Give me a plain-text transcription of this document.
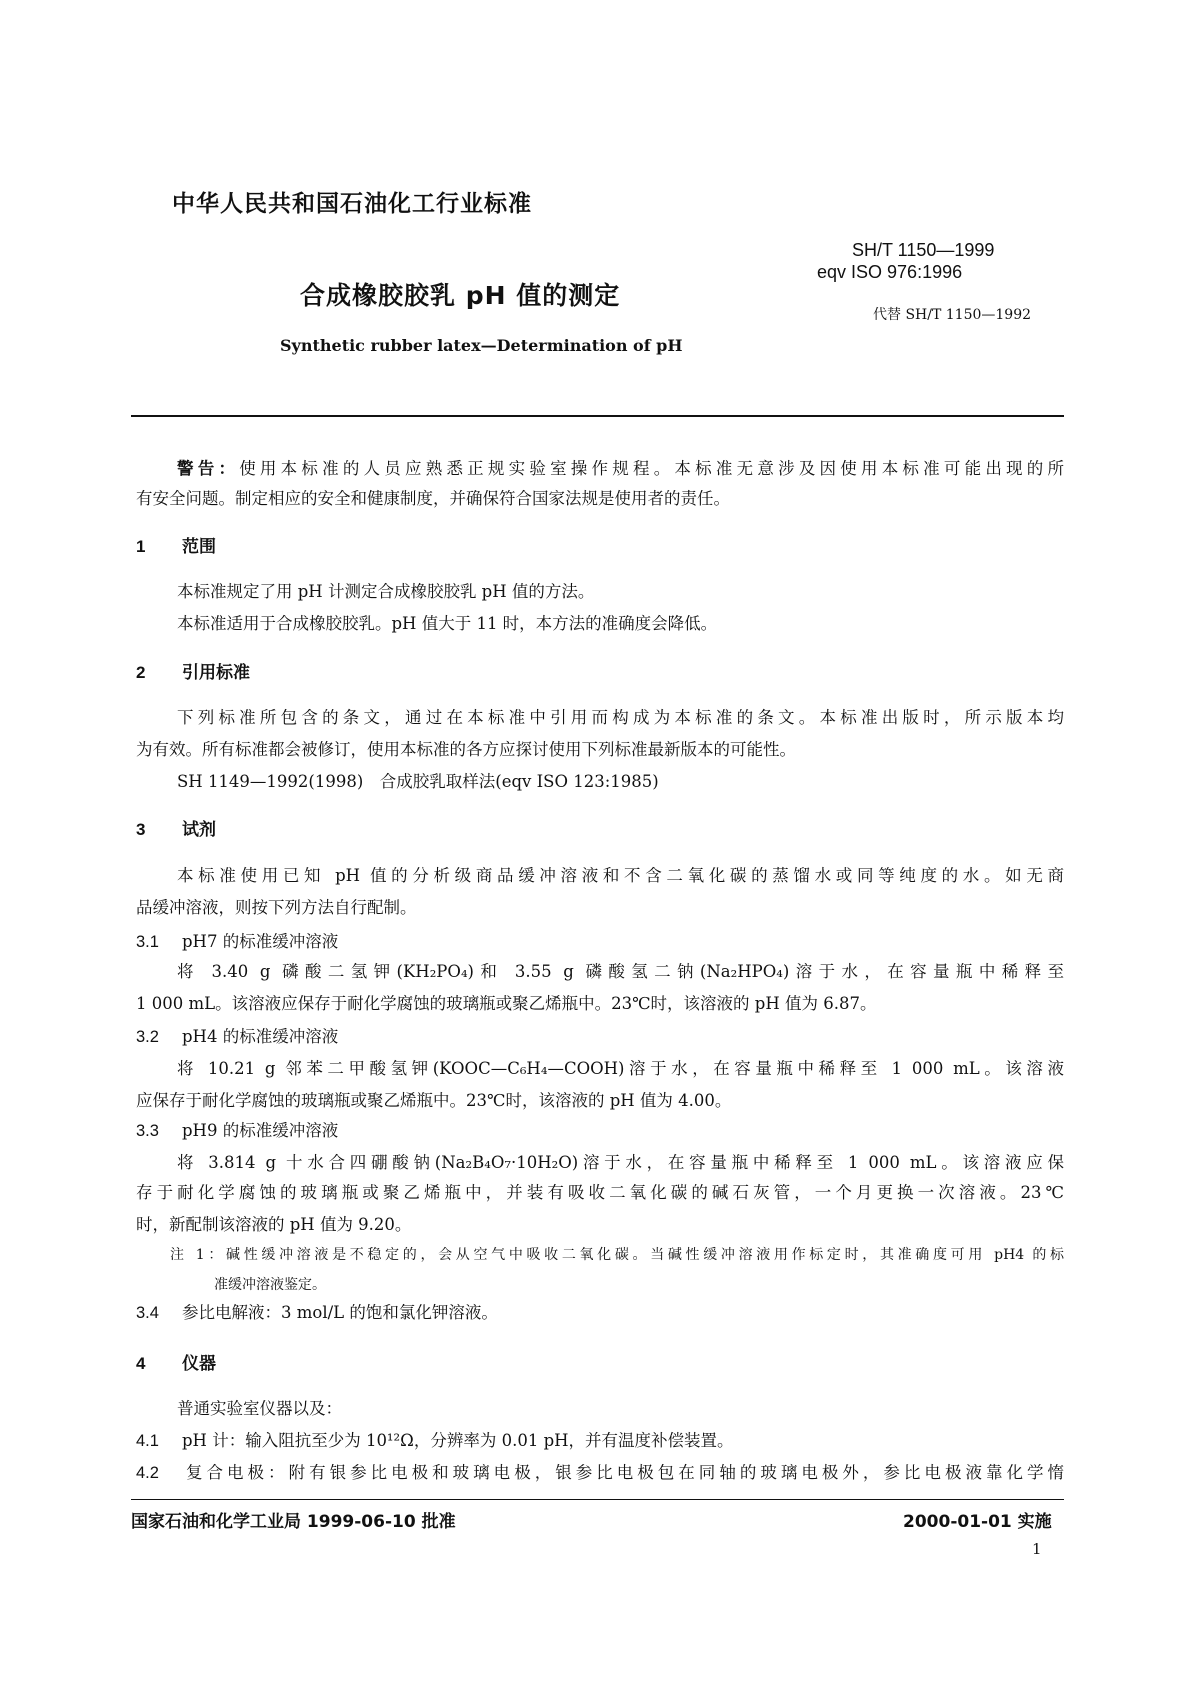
中华人民共和国石油化工行业标准
SH/T 1150—1999
eqv ISO 976:1996
代替 SH/T 1150—1992
合成橡胶胶乳 pH 值的测定
Synthetic rubber latex—Determination of pH
警告：使用本标准的人员应熟悉正规实验室操作规程。本标准无意涉及因使用本标准可能出现的所
有安全问题。制定相应的安全和健康制度，并确保符合国家法规是使用者的责任。
1 范围
本标准规定了用 pH 计测定合成橡胶胶乳 pH 值的方法。
本标准适用于合成橡胶胶乳。pH 值大于 11 时，本方法的准确度会降低。
2 引用标准
下列标准所包含的条文，通过在本标准中引用而构成为本标准的条文。本标准出版时，所示版本均
为有效。所有标准都会被修订，使用本标准的各方应探讨使用下列标准最新版本的可能性。
SH 1149—1992(1998)　合成胶乳取样法(eqv ISO 123:1985)
3 试剂
本标准使用已知 pH 值的分析级商品缓冲溶液和不含二氧化碳的蒸馏水或同等纯度的水。如无商
品缓冲溶液，则按下列方法自行配制。
3.1 pH7 的标准缓冲溶液
将 3.40 g 磷酸二氢钾(KH₂PO₄)和 3.55 g 磷酸氢二钠(Na₂HPO₄)溶于水，在容量瓶中稀释至
1 000 mL。该溶液应保存于耐化学腐蚀的玻璃瓶或聚乙烯瓶中。23℃时，该溶液的 pH 值为 6.87。
3.2 pH4 的标准缓冲溶液
将 10.21 g 邻苯二甲酸氢钾(KOOC—C₆H₄—COOH)溶于水，在容量瓶中稀释至 1 000 mL。该溶液
应保存于耐化学腐蚀的玻璃瓶或聚乙烯瓶中。23℃时，该溶液的 pH 值为 4.00。
3.3 pH9 的标准缓冲溶液
将 3.814 g 十水合四硼酸钠(Na₂B₄O₇·10H₂O)溶于水，在容量瓶中稀释至 1 000 mL。该溶液应保
存于耐化学腐蚀的玻璃瓶或聚乙烯瓶中，并装有吸收二氧化碳的碱石灰管，一个月更换一次溶液。23℃
时，新配制该溶液的 pH 值为 9.20。
注 1：碱性缓冲溶液是不稳定的，会从空气中吸收二氧化碳。当碱性缓冲溶液用作标定时，其准确度可用 pH4 的标
准缓冲溶液鉴定。
3.4 参比电解液：3 mol/L 的饱和氯化钾溶液。
4 仪器
普通实验室仪器以及：
4.1 pH 计：输入阻抗至少为 10¹²Ω，分辨率为 0.01 pH，并有温度补偿装置。
4.2 复合电极：附有银参比电极和玻璃电极，银参比电极包在同轴的玻璃电极外，参比电极液靠化学惰
国家石油和化学工业局 1999-06-10 批准	2000-01-01 实施
1
